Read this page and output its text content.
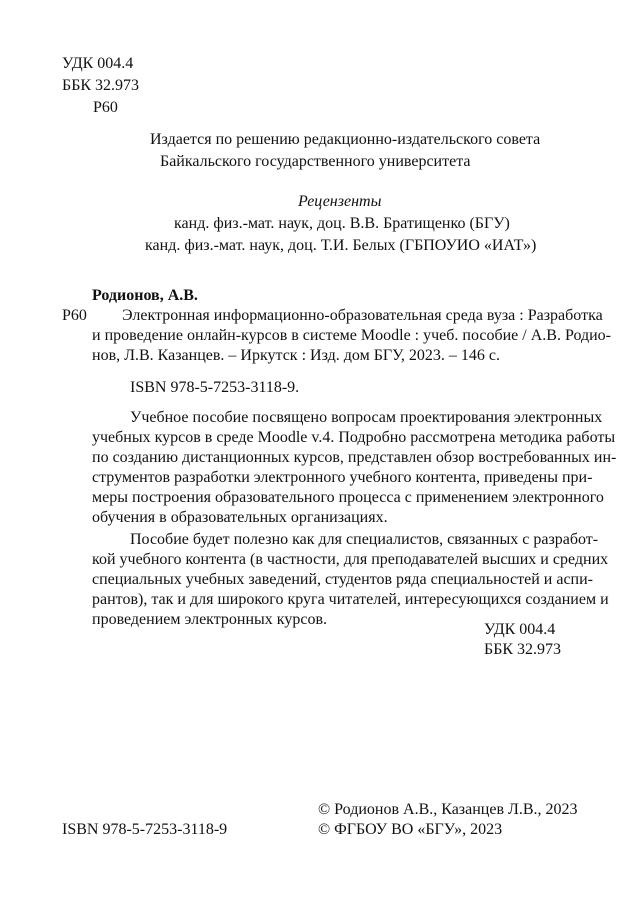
УДК 004.4
ББК 32.973
Р60
Издается по решению редакционно-издательского совета
Байкальского государственного университета
Рецензенты
канд. физ.-мат. наук, доц. В.В. Братищенко (БГУ)
канд. физ.-мат. наук, доц. Т.И. Белых (ГБПОУИО «ИАТ»)
Родионов, А.В.
Р60 Электронная информационно-образовательная среда вуза : Разработка
и проведение онлайн-курсов в системе Moodle : учеб. пособие / А.В. Родио-
нов, Л.В. Казанцев. – Иркутск : Изд. дом БГУ, 2023. – 146 с.
ISBN 978-5-7253-3118-9.
Учебное пособие посвящено вопросам проектирования электронных
учебных курсов в среде Moodle v.4. Подробно рассмотрена методика работы
по созданию дистанционных курсов, представлен обзор востребованных ин-
струментов разработки электронного учебного контента, приведены при-
меры построения образовательного процесса с применением электронного
обучения в образовательных организациях.
Пособие будет полезно как для специалистов, связанных с разработ-
кой учебного контента (в частности, для преподавателей высших и средних
специальных учебных заведений, студентов ряда специальностей и аспи-
рантов), так и для широкого круга читателей, интересующихся созданием и
проведением электронных курсов.
УДК 004.4
ББК 32.973
© Родионов А.В., Казанцев Л.В., 2023
ISBN 978-5-7253-3118-9	© ФГБОУ ВО «БГУ», 2023
